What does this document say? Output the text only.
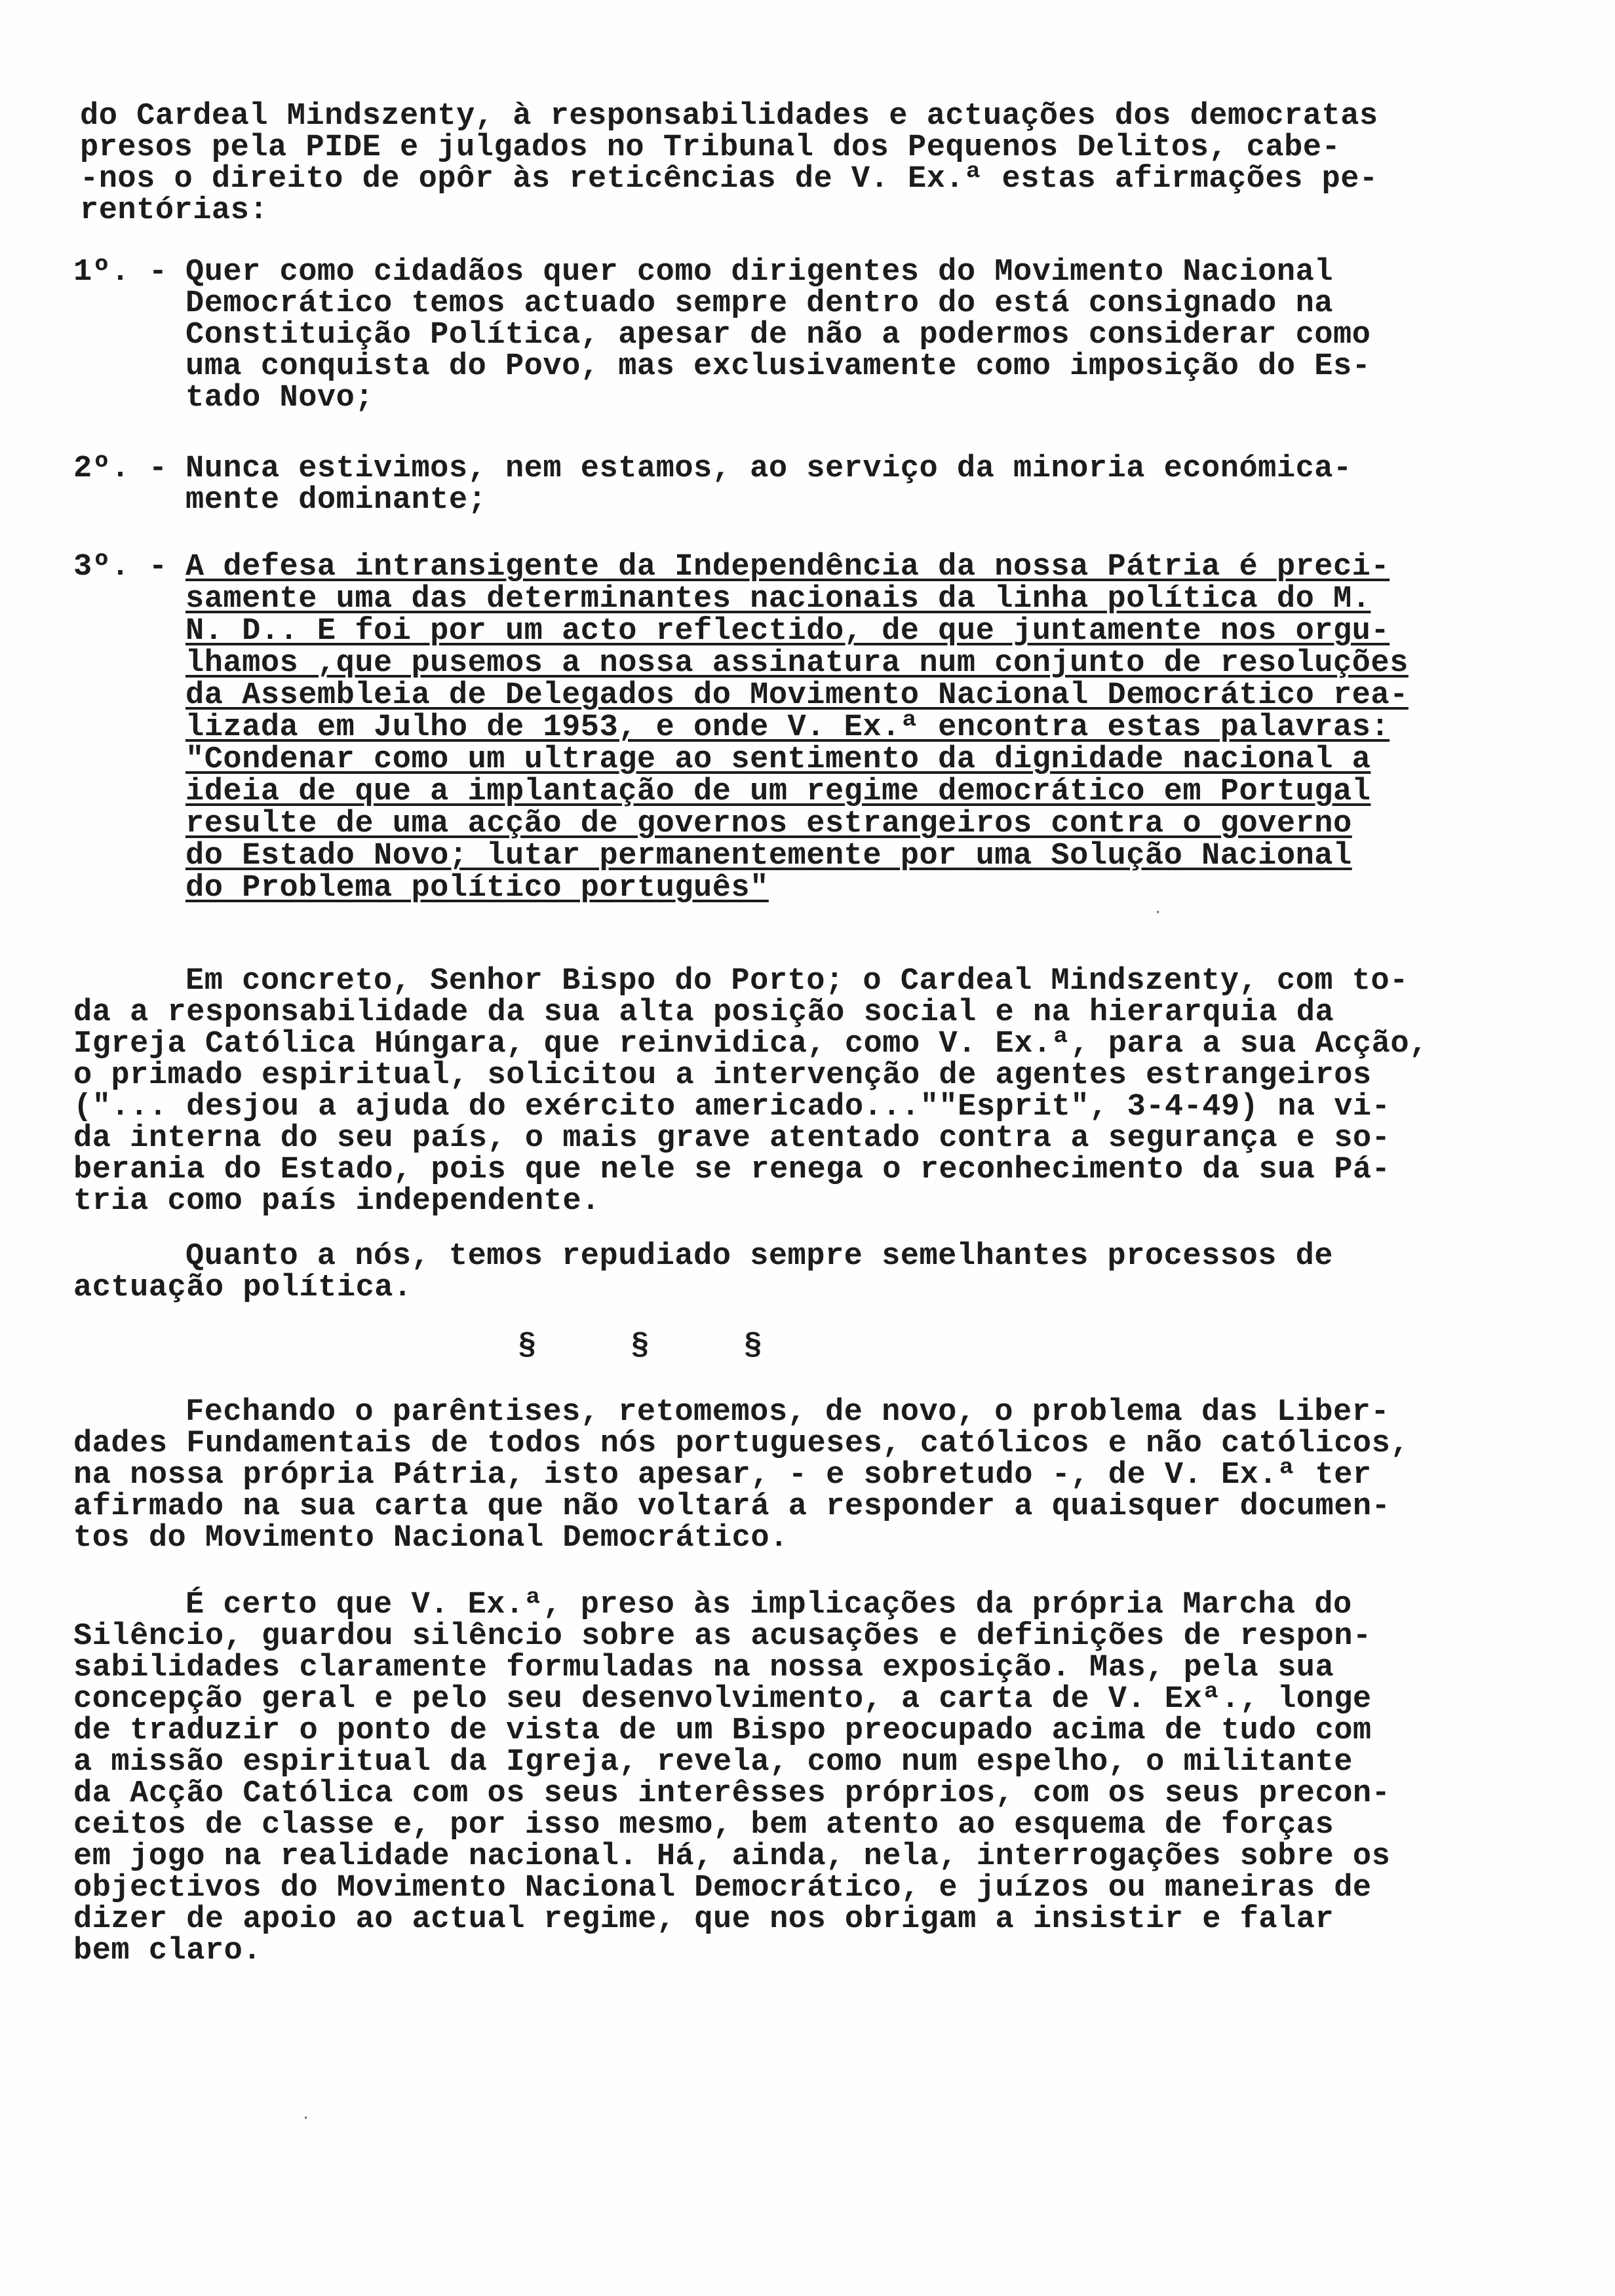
do Cardeal Mindszenty, à responsabilidades e actuações dos democratas
presos pela PIDE e julgados no Tribunal dos Pequenos Delitos, cabe-
-nos o direito de opôr às reticências de V. Ex.ª estas afirmações pe-
rentórias:
1º. - Quer como cidadãos quer como dirigentes do Movimento Nacional
Democrático temos actuado sempre dentro do está consignado na
Constituição Política, apesar de não a podermos considerar como
uma conquista do Povo, mas exclusivamente como imposição do Es-
tado Novo;
2º. - Nunca estivimos, nem estamos, ao serviço da minoria económica-
mente dominante;
3º. - A defesa intransigente da Independência da nossa Pátria é preci-
samente uma das determinantes nacionais da linha política do M.
N. D.. E foi por um acto reflectido, de que juntamente nos orgu-
lhamos ,que pusemos a nossa assinatura num conjunto de resoluções
da Assembleia de Delegados do Movimento Nacional Democrático rea-
lizada em Julho de 1953, e onde V. Ex.ª encontra estas palavras:
"Condenar como um ultrage ao sentimento da dignidade nacional a
ideia de que a implantação de um regime democrático em Portugal
resulte de uma acção de governos estrangeiros contra o governo
do Estado Novo; lutar permanentemente por uma Solução Nacional
do Problema político português"
Em concreto, Senhor Bispo do Porto; o Cardeal Mindszenty, com to-
da a responsabilidade da sua alta posição social e na hierarquia da
Igreja Católica Húngara, que reinvidica, como V. Ex.ª, para a sua Acção,
o primado espiritual, solicitou a intervenção de agentes estrangeiros
("... desjou a ajuda do exército americado...""Esprit", 3-4-49) na vi-
da interna do seu país, o mais grave atentado contra a segurança e so-
berania do Estado, pois que nele se renega o reconhecimento da sua Pá-
tria como país independente.
Quanto a nós, temos repudiado sempre semelhantes processos de
actuação política.
§     §     §
Fechando o parêntises, retomemos, de novo, o problema das Liber-
dades Fundamentais de todos nós portugueses, católicos e não católicos,
na nossa própria Pátria, isto apesar, - e sobretudo -, de V. Ex.ª ter
afirmado na sua carta que não voltará a responder a quaisquer documen-
tos do Movimento Nacional Democrático.
É certo que V. Ex.ª, preso às implicações da própria Marcha do
Silêncio, guardou silêncio sobre as acusações e definições de respon-
sabilidades claramente formuladas na nossa exposição. Mas, pela sua
concepção geral e pelo seu desenvolvimento, a carta de V. Exª., longe
de traduzir o ponto de vista de um Bispo preocupado acima de tudo com
a missão espiritual da Igreja, revela, como num espelho, o militante
da Acção Católica com os seus interêsses próprios, com os seus precon-
ceitos de classe e, por isso mesmo, bem atento ao esquema de forças
em jogo na realidade nacional. Há, ainda, nela, interrogações sobre os
objectivos do Movimento Nacional Democrático, e juízos ou maneiras de
dizer de apoio ao actual regime, que nos obrigam a insistir e falar
bem claro.
·
·
